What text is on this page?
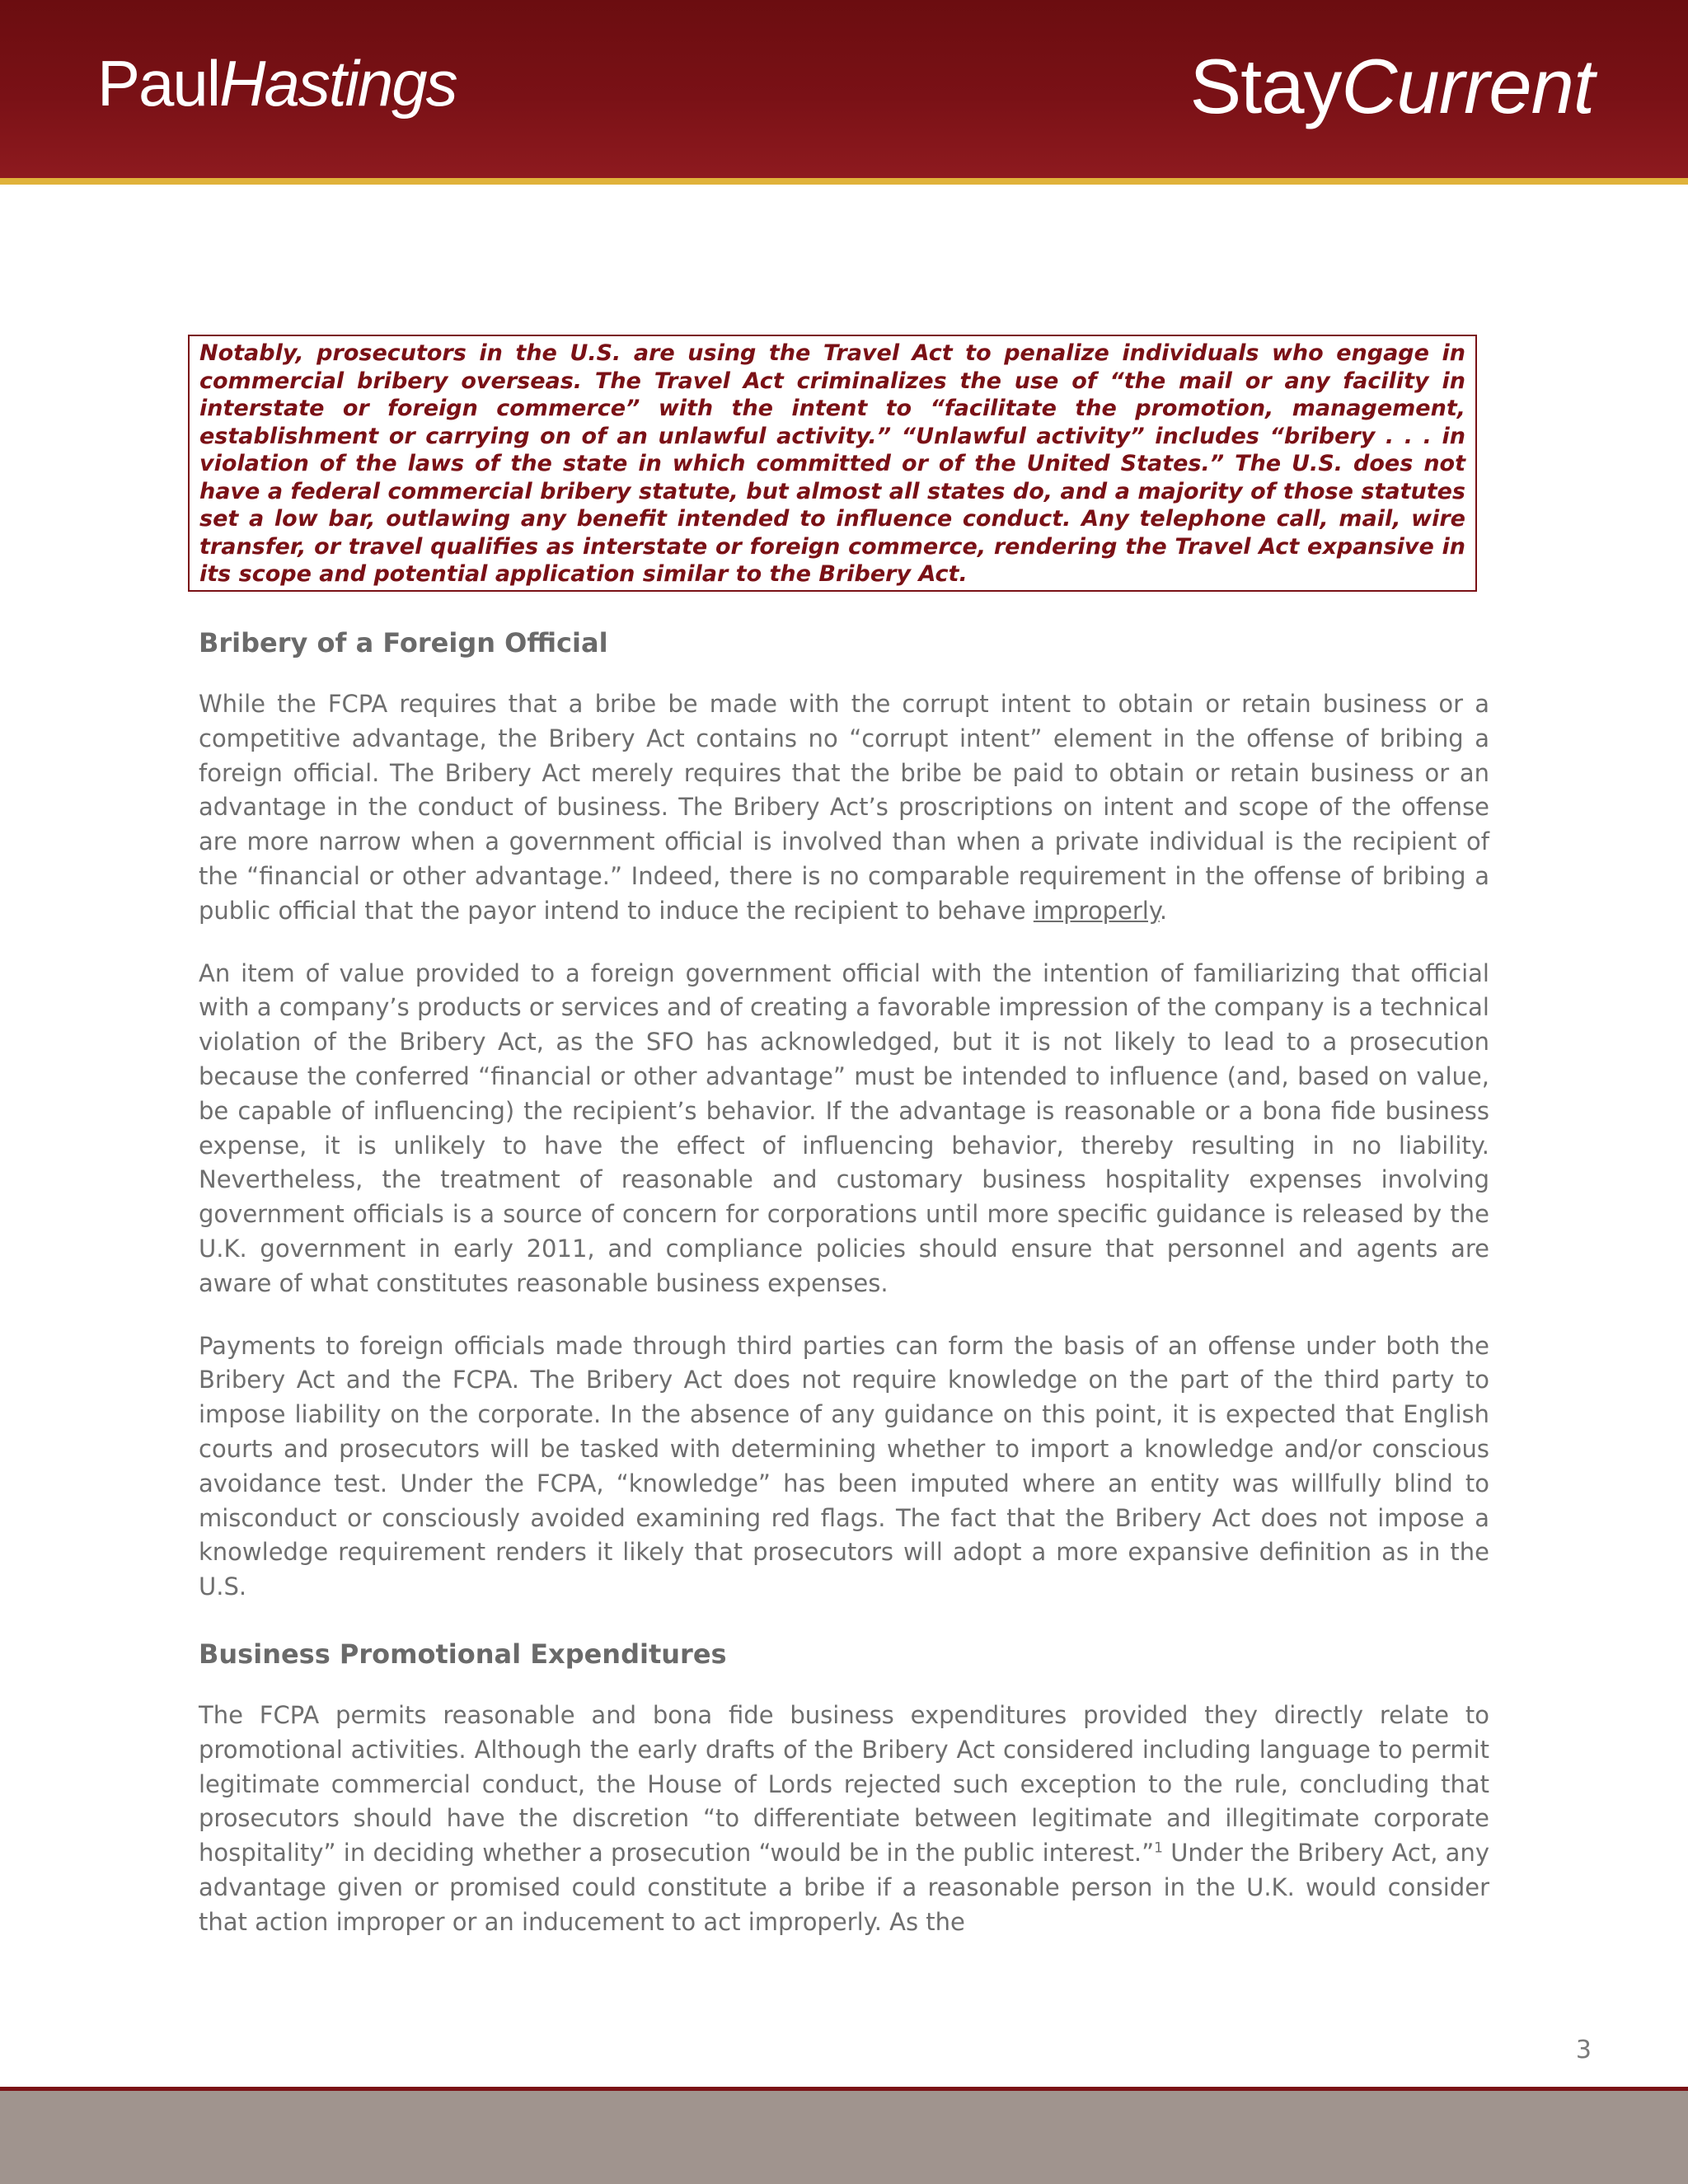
PaulHastings	StayCurrent
Notably, prosecutors in the U.S. are using the Travel Act to penalize individuals who engage in commercial bribery overseas. The Travel Act criminalizes the use of “the mail or any facility in interstate or foreign commerce” with the intent to “facilitate the promotion, management, establishment or carrying on of an unlawful activity.” “Unlawful activity” includes “bribery . . . in violation of the laws of the state in which committed or of the United States.” The U.S. does not have a federal commercial bribery statute, but almost all states do, and a majority of those statutes set a low bar, outlawing any benefit intended to influence conduct. Any telephone call, mail, wire transfer, or travel qualifies as interstate or foreign commerce, rendering the Travel Act expansive in its scope and potential application similar to the Bribery Act.
Bribery of a Foreign Official

While the FCPA requires that a bribe be made with the corrupt intent to obtain or retain business or a competitive advantage, the Bribery Act contains no “corrupt intent” element in the offense of bribing a foreign official. The Bribery Act merely requires that the bribe be paid to obtain or retain business or an advantage in the conduct of business. The Bribery Act’s proscriptions on intent and scope of the offense are more narrow when a government official is involved than when a private individual is the recipient of the “financial or other advantage.” Indeed, there is no comparable requirement in the offense of bribing a public official that the payor intend to induce the recipient to behave improperly.

An item of value provided to a foreign government official with the intention of familiarizing that official with a company’s products or services and of creating a favorable impression of the company is a technical violation of the Bribery Act, as the SFO has acknowledged, but it is not likely to lead to a prosecution because the conferred “financial or other advantage” must be intended to influence (and, based on value, be capable of influencing) the recipient’s behavior. If the advantage is reasonable or a bona fide business expense, it is unlikely to have the effect of influencing behavior, thereby resulting in no liability. Nevertheless, the treatment of reasonable and customary business hospitality expenses involving government officials is a source of concern for corporations until more specific guidance is released by the U.K. government in early 2011, and compliance policies should ensure that personnel and agents are aware of what constitutes reasonable business expenses.

Payments to foreign officials made through third parties can form the basis of an offense under both the Bribery Act and the FCPA. The Bribery Act does not require knowledge on the part of the third party to impose liability on the corporate. In the absence of any guidance on this point, it is expected that English courts and prosecutors will be tasked with determining whether to import a knowledge and/or conscious avoidance test. Under the FCPA, “knowledge” has been imputed where an entity was willfully blind to misconduct or consciously avoided examining red flags. The fact that the Bribery Act does not impose a knowledge requirement renders it likely that prosecutors will adopt a more expansive definition as in the U.S.

Business Promotional Expenditures

The FCPA permits reasonable and bona fide business expenditures provided they directly relate to promotional activities. Although the early drafts of the Bribery Act considered including language to permit legitimate commercial conduct, the House of Lords rejected such exception to the rule, concluding that prosecutors should have the discretion “to differentiate between legitimate and illegitimate corporate hospitality” in deciding whether a prosecution “would be in the public interest.”$^1$ Under the Bribery Act, any advantage given or promised could constitute a bribe if a reasonable person in the U.K. would consider that action improper or an inducement to act improperly. As the

3
